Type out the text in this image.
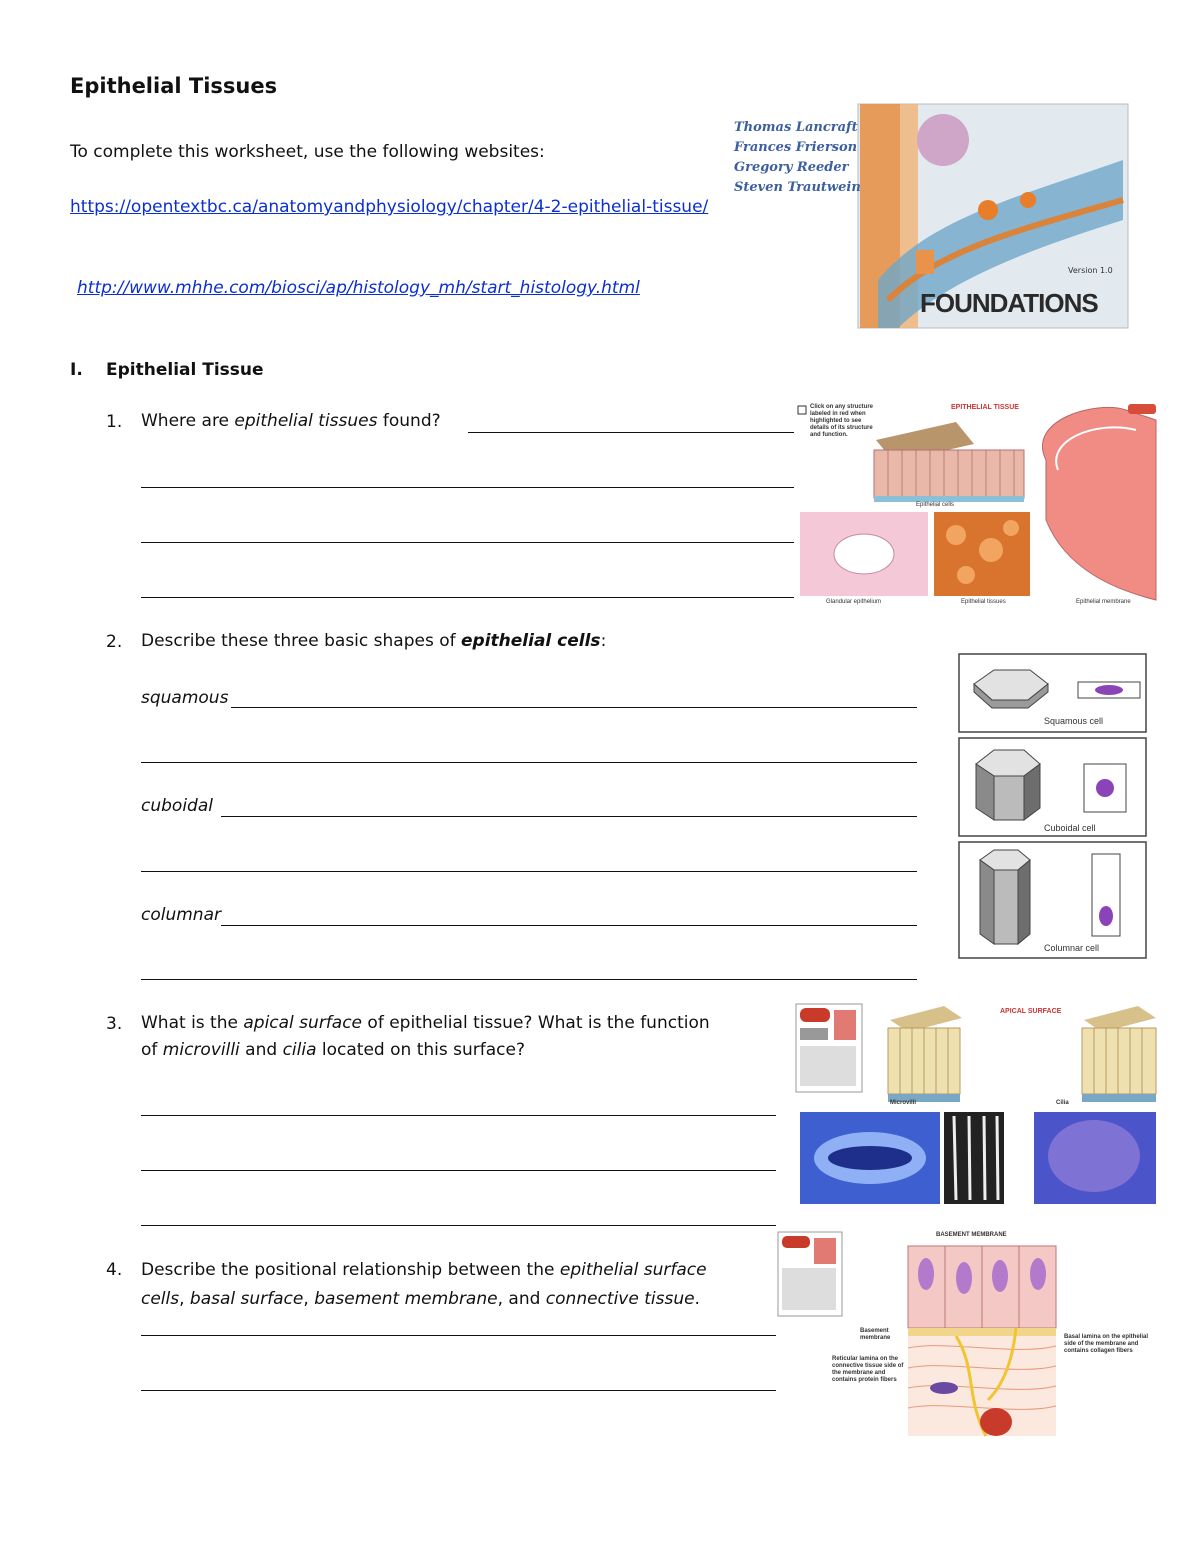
Epithelial Tissues
To complete this worksheet, use the following websites:
https://opentextbc.ca/anatomyandphysiology/chapter/4-2-epithelial-tissue/
http://www.mhhe.com/biosci/ap/histology_mh/start_histology.html
Thomas Lancraft
Frances Frierson
Gregory Reeder
Steven Trautwein
Version 1.0
FOUNDATIONS
I. Epithelial Tissue
1. Where are epithelial tissues found?
Click on any structure labeled in red when highlighted to see details of its structure and function.
EPITHELIAL TISSUE
Epithelial cells
Glandular epithelium	Epithelial tissues	Epithelial membrane
2. Describe these three basic shapes of epithelial cells:
squamous
cuboidal
columnar
Squamous cell
Cuboidal cell
Columnar cell
3. What is the apical surface of epithelial tissue? What is the function
of microvilli and cilia located on this surface?
APICAL SURFACE
Microvilli	Cilia
4. Describe the positional relationship between the epithelial surface
cells, basal surface, basement membrane, and connective tissue.
BASEMENT MEMBRANE
Basement membrane
Reticular lamina on the connective tissue side of the membrane and contains protein fibers
Basal lamina on the epithelial side of the membrane and contains collagen fibers
